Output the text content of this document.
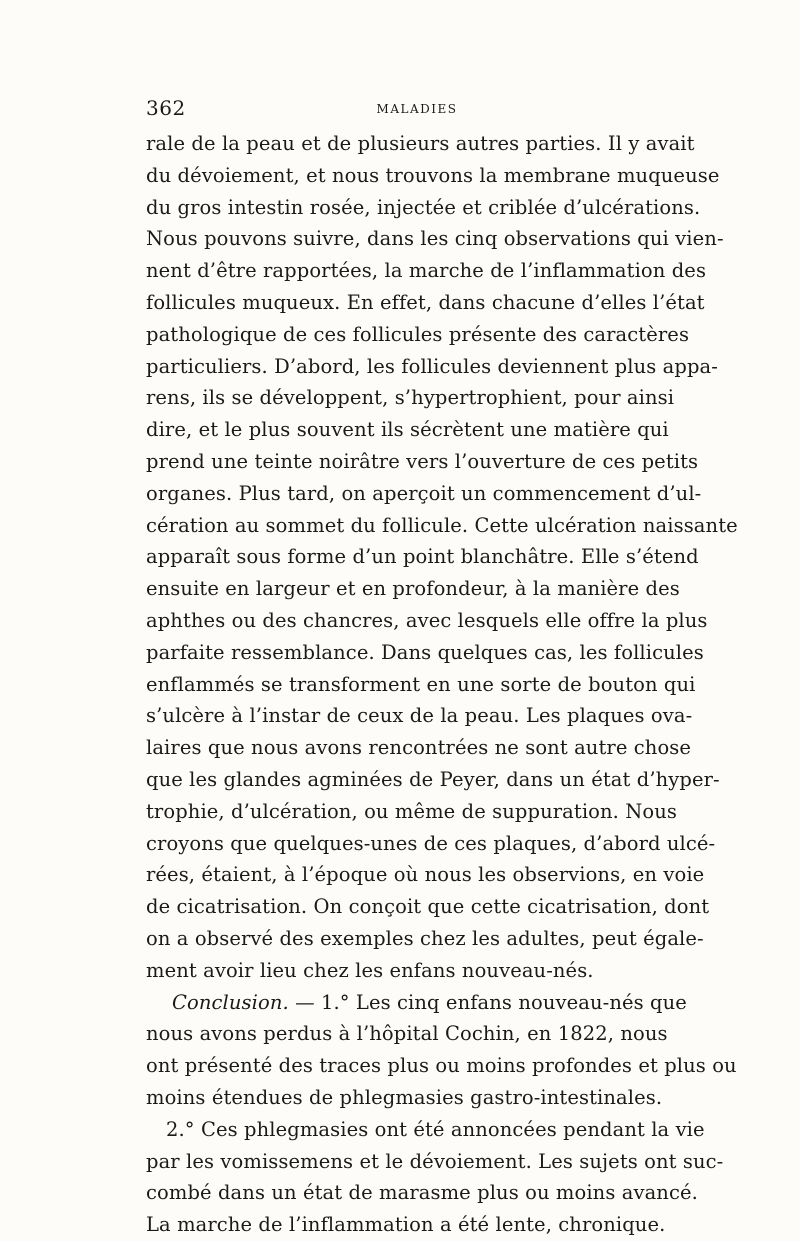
362	MALADIES
rale de la peau et de plusieurs autres parties. Il y avait
du dévoiement, et nous trouvons la membrane muqueuse
du gros intestin rosée, injectée et criblée d’ulcérations.
Nous pouvons suivre, dans les cinq observations qui vien-
nent d’être rapportées, la marche de l’inflammation des
follicules muqueux. En effet, dans chacune d’elles l’état
pathologique de ces follicules présente des caractères
particuliers. D’abord, les follicules deviennent plus appa-
rens, ils se développent, s’hypertrophient, pour ainsi
dire, et le plus souvent ils sécrètent une matière qui
prend une teinte noirâtre vers l’ouverture de ces petits
organes. Plus tard, on aperçoit un commencement d’ul-
cération au sommet du follicule. Cette ulcération naissante
apparaît sous forme d’un point blanchâtre. Elle s’étend
ensuite en largeur et en profondeur, à la manière des
aphthes ou des chancres, avec lesquels elle offre la plus
parfaite ressemblance. Dans quelques cas, les follicules
enflammés se transforment en une sorte de bouton qui
s’ulcère à l’instar de ceux de la peau. Les plaques ova-
laires que nous avons rencontrées ne sont autre chose
que les glandes agminées de Peyer, dans un état d’hyper-
trophie, d’ulcération, ou même de suppuration. Nous
croyons que quelques-unes de ces plaques, d’abord ulcé-
rées, étaient, à l’époque où nous les observions, en voie
de cicatrisation. On conçoit que cette cicatrisation, dont
on a observé des exemples chez les adultes, peut égale-
ment avoir lieu chez les enfans nouveau-nés.
Conclusion. — 1.° Les cinq enfans nouveau-nés que
nous avons perdus à l’hôpital Cochin, en 1822, nous
ont présenté des traces plus ou moins profondes et plus ou
moins étendues de phlegmasies gastro-intestinales.
2.° Ces phlegmasies ont été annoncées pendant la vie
par les vomissemens et le dévoiement. Les sujets ont suc-
combé dans un état de marasme plus ou moins avancé.
La marche de l’inflammation a été lente, chronique.
